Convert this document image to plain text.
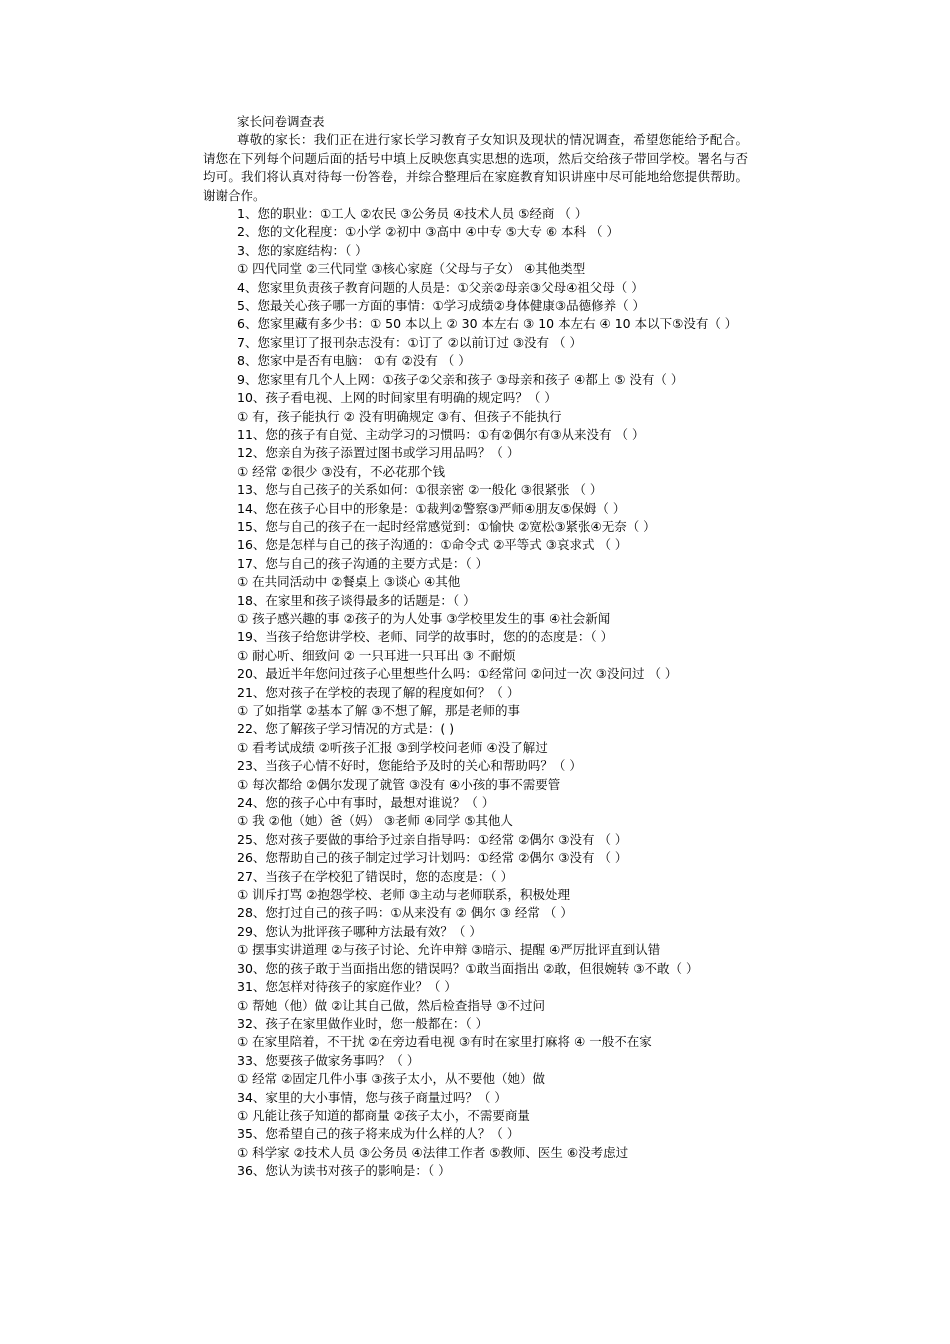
家长问卷调查表
尊敬的家长：我们正在进行家长学习教育子女知识及现状的情况调查，希望您能给予配合。请您在下列每个问题后面的括号中填上反映您真实思想的选项，然后交给孩子带回学校。署名与否均可。我们将认真对待每一份答卷，并综合整理后在家庭教育知识讲座中尽可能地给您提供帮助。谢谢合作。
1、您的职业：①工人 ②农民 ③公务员 ④技术人员 ⑤经商 （ ）
2、您的文化程度：①小学 ②初中 ③高中 ④中专 ⑤大专 ⑥ 本科 （ ）
3、您的家庭结构：（ ）
① 四代同堂 ②三代同堂 ③核心家庭（父母与子女） ④其他类型
4、您家里负责孩子教育问题的人员是：①父亲②母亲③父母④祖父母（ ）
5、您最关心孩子哪一方面的事情：①学习成绩②身体健康③品德修养（ ）
6、您家里藏有多少书：① 50 本以上 ② 30 本左右 ③ 10 本左右 ④ 10 本以下⑤没有（ ）
7、您家里订了报刊杂志没有：①订了 ②以前订过 ③没有 （ ）
8、您家中是否有电脑： ①有 ②没有 （ ）
9、您家里有几个人上网：①孩子②父亲和孩子 ③母亲和孩子 ④都上 ⑤ 没有（ ）
10、孩子看电视、上网的时间家里有明确的规定吗？（ ）
① 有，孩子能执行 ② 没有明确规定 ③有、但孩子不能执行
11、您的孩子有自觉、主动学习的习惯吗：①有②偶尔有③从来没有 （ ）
12、您亲自为孩子添置过图书或学习用品吗？（ ）
① 经常 ②很少 ③没有，不必花那个钱
13、您与自己孩子的关系如何：①很亲密 ②一般化 ③很紧张 （ ）
14、您在孩子心目中的形象是：①裁判②警察③严师④朋友⑤保姆（ ）
15、您与自己的孩子在一起时经常感觉到：①愉快 ②宽松③紧张④无奈（ ）
16、您是怎样与自己的孩子沟通的：①命令式 ②平等式 ③哀求式 （ ）
17、您与自己的孩子沟通的主要方式是：（ ）
① 在共同活动中 ②餐桌上 ③谈心 ④其他
18、在家里和孩子谈得最多的话题是：（ ）
① 孩子感兴趣的事 ②孩子的为人处事 ③学校里发生的事 ④社会新闻
19、当孩子给您讲学校、老师、同学的故事时，您的的态度是：（ ）
① 耐心听、细致问 ② 一只耳进一只耳出 ③ 不耐烦
20、最近半年您问过孩子心里想些什么吗：①经常问 ②问过一次 ③没问过 （ ）
21、您对孩子在学校的表现了解的程度如何？（ ）
① 了如指掌 ②基本了解 ③不想了解，那是老师的事
22、您了解孩子学习情况的方式是：( )
① 看考试成绩 ②听孩子汇报 ③到学校问老师 ④没了解过
23、当孩子心情不好时，您能给予及时的关心和帮助吗？（ ）
① 每次都给 ②偶尔发现了就管 ③没有 ④小孩的事不需要管
24、您的孩子心中有事时，最想对谁说？（ ）
① 我 ②他（她）爸（妈） ③老师 ④同学 ⑤其他人
25、您对孩子要做的事给予过亲自指导吗：①经常 ②偶尔 ③没有 （ ）
26、您帮助自己的孩子制定过学习计划吗：①经常 ②偶尔 ③没有 （ ）
27、当孩子在学校犯了错误时，您的态度是：（ ）
① 训斥打骂 ②抱怨学校、老师 ③主动与老师联系，积极处理
28、您打过自己的孩子吗：①从来没有 ② 偶尔 ③ 经常 （ ）
29、您认为批评孩子哪种方法最有效？（ ）
① 摆事实讲道理 ②与孩子讨论、允许申辩 ③暗示、提醒 ④严厉批评直到认错
30、您的孩子敢于当面指出您的错误吗？①敢当面指出 ②敢，但很婉转 ③不敢（ ）
31、您怎样对待孩子的家庭作业？（ ）
① 帮她（他）做 ②让其自己做，然后检查指导 ③不过问
32、孩子在家里做作业时，您一般都在：（ ）
① 在家里陪着，不干扰 ②在旁边看电视 ③有时在家里打麻将 ④ 一般不在家
33、您要孩子做家务事吗？（ ）
① 经常 ②固定几件小事 ③孩子太小，从不要他（她）做
34、家里的大小事情，您与孩子商量过吗？（ ）
① 凡能让孩子知道的都商量 ②孩子太小，不需要商量
35、您希望自己的孩子将来成为什么样的人？（ ）
① 科学家 ②技术人员 ③公务员 ④法律工作者 ⑤教师、医生 ⑥没考虑过
36、您认为读书对孩子的影响是：（ ）
